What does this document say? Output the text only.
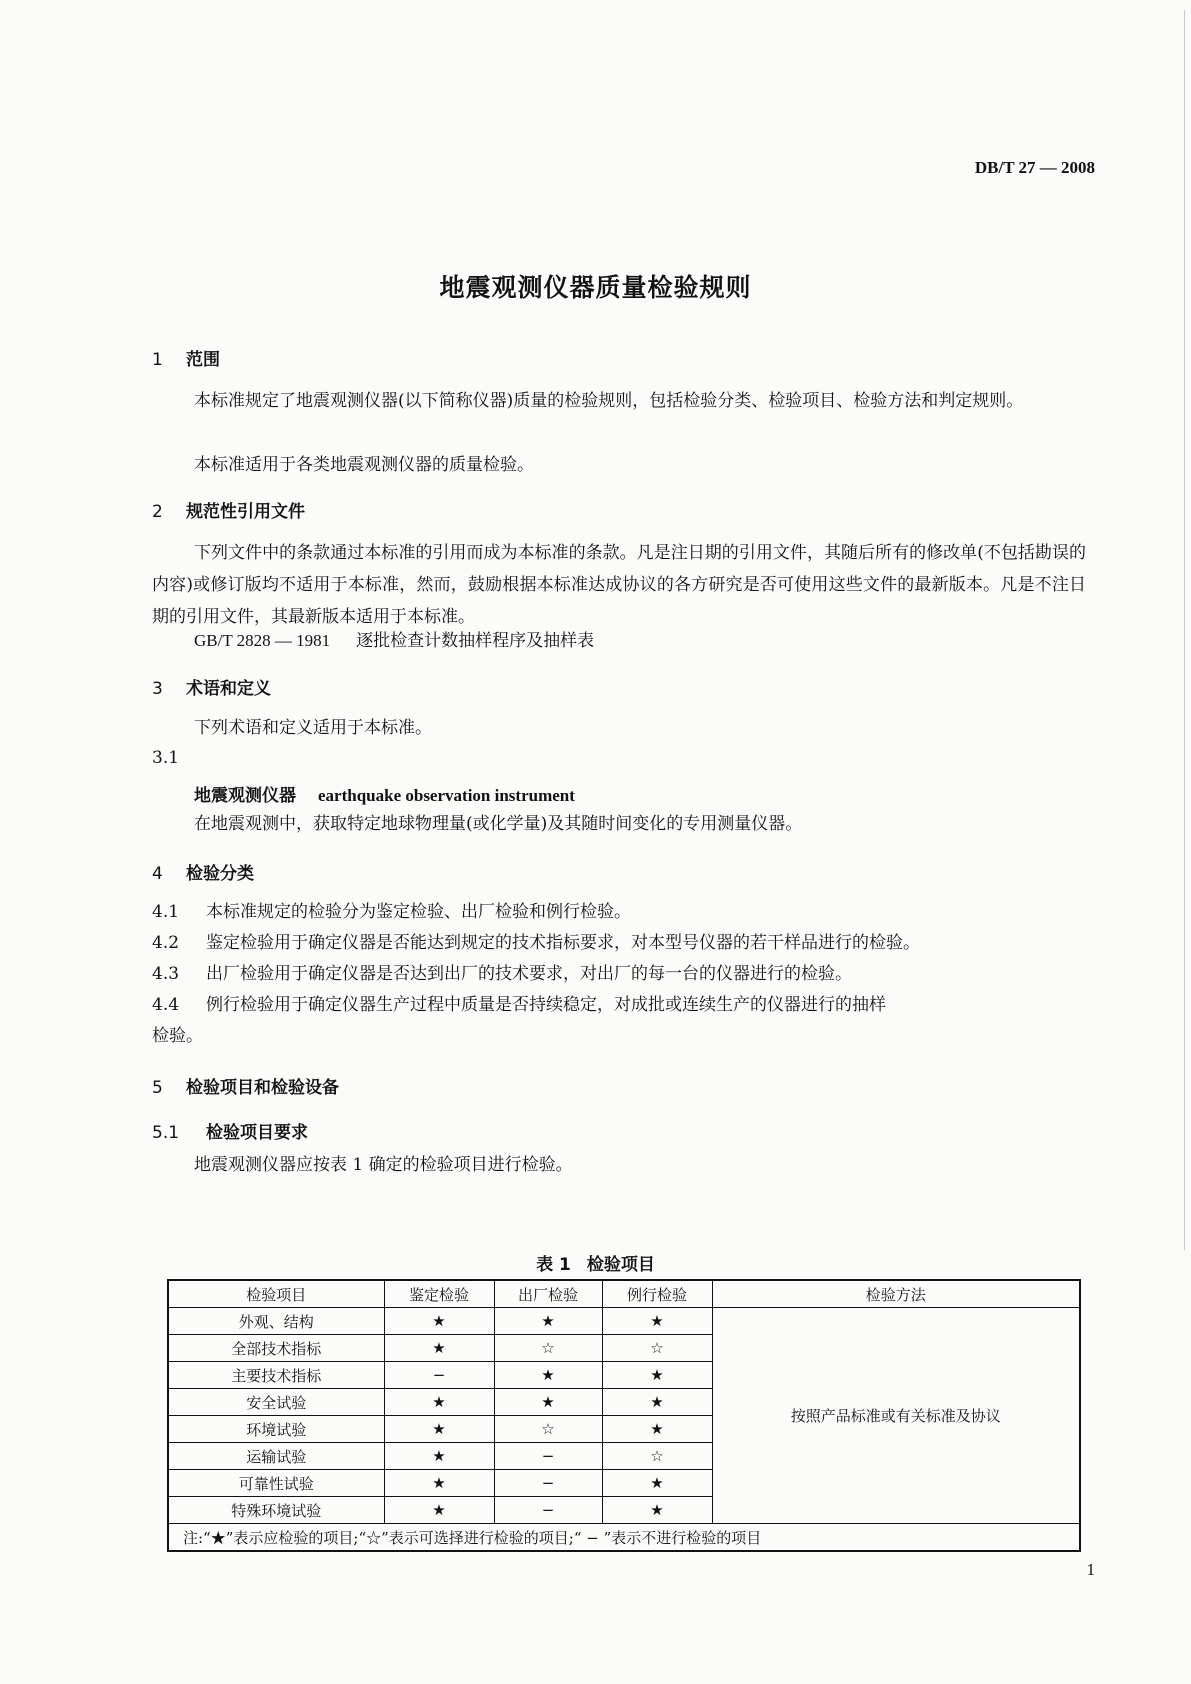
DB/T 27 — 2008
地震观测仪器质量检验规则
1 范围
本标准规定了地震观测仪器(以下简称仪器)质量的检验规则，包括检验分类、检验项目、检验方法和判定规则。
本标准适用于各类地震观测仪器的质量检验。
2 规范性引用文件
下列文件中的条款通过本标准的引用而成为本标准的条款。凡是注日期的引用文件，其随后所有的修改单(不包括勘误的内容)或修订版均不适用于本标准，然而，鼓励根据本标准达成协议的各方研究是否可使用这些文件的最新版本。凡是不注日期的引用文件，其最新版本适用于本标准。
GB/T 2828 — 1981 逐批检查计数抽样程序及抽样表
3 术语和定义
下列术语和定义适用于本标准。
3.1
地震观测仪器 earthquake observation instrument
在地震观测中，获取特定地球物理量(或化学量)及其随时间变化的专用测量仪器。
4 检验分类
4.1 本标准规定的检验分为鉴定检验、出厂检验和例行检验。
4.2 鉴定检验用于确定仪器是否能达到规定的技术指标要求，对本型号仪器的若干样品进行的检验。
4.3 出厂检验用于确定仪器是否达到出厂的技术要求，对出厂的每一台的仪器进行的检验。
4.4 例行检验用于确定仪器生产过程中质量是否持续稳定，对成批或连续生产的仪器进行的抽样
检验。
5 检验项目和检验设备
5.1 检验项目要求
地震观测仪器应按表 1 确定的检验项目进行检验。
表 1 检验项目
检验项目	鉴定检验	出厂检验	例行检验	检验方法
外观、结构	★	★	★	按照产品标准或有关标准及协议
全部技术指标	★	☆	☆	
主要技术指标	−	★	★	
安全试验	★	★	★	
环境试验	★	☆	★	
运输试验	★	−	☆	
可靠性试验	★	−	★	
特殊环境试验	★	−	★	
注:“★”表示应检验的项目;“☆”表示可选择进行检验的项目;“ − ”表示不进行检验的项目				
1
